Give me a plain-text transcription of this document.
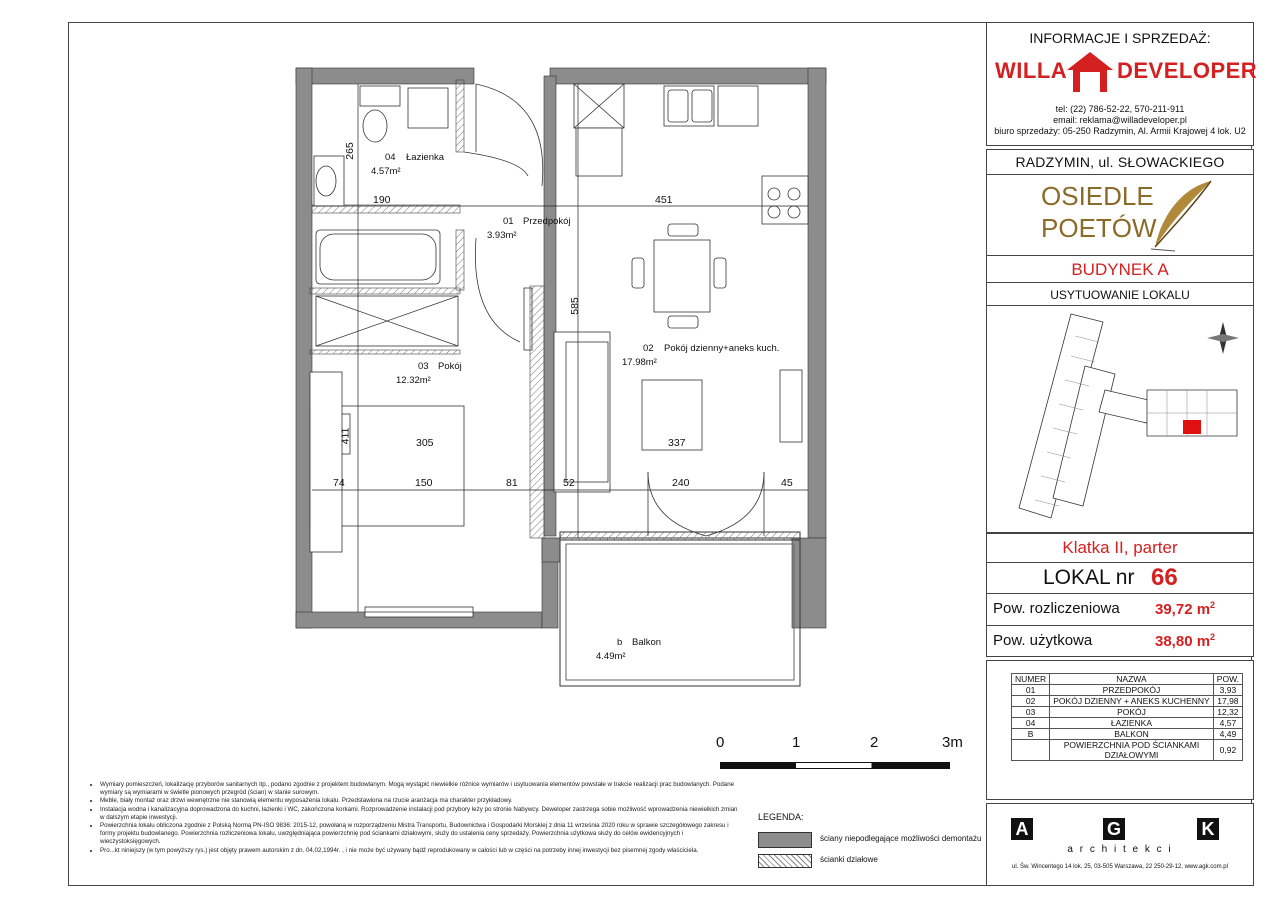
04 Łazienka
4.57m²
01 Przedpokój
3.93m²
02 Pokój dzienny+aneks kuch.
17.98m²
03 Pokój
12.32m²
b Balkon
4.49m²
265
190	451
585
411	305	337
74	150	81	52	240	45
0	1	2	3m
LEGENDA:
ściany niepodlegające możliwości demontażu
ścianki działowe
• Wymiary pomieszczeń, lokalizację przyborów sanitarnych itp., podano zgodnie z projektem budowlanym. Mogą wystąpić niewielkie różnice wymiarów i usytuowania elementów powstałe w trakcie realizacji prac budowlanych. Podane wymiary są wymiarami w świetle pionowych przegród (ścian) w stanie surowym.
• Meble, biały montaż oraz drzwi wewnętrzne nie stanowią elementu wyposażenia lokalu. Przedstawiona na rzucie aranżacja ma charakter przykładowy.
• Instalacja wodna i kanalizacyjna doprowadzona do kuchni, łazienki i WC, zakończona korkami. Rozprowadzenie instalacji pod przybory leży po stronie Nabywcy. Deweloper zastrzega sobie możliwość wprowadzenia niewielkich zmian w dalszym etapie inwestycji.
• Powierzchnia lokalu obliczona zgodnie z Polską Normą PN-ISO 9836: 2015-12, powołaną w rozporządzeniu Mistra Transportu, Budownictwa i Gospodarki Morskiej z dnia 11 września 2020 roku w sprawie szczegółowego zakresu i formy projektu budowlanego. Powierzchnia rozliczeniowa lokalu, uwzględniająca powierzchnię pod ściankami działowymi, służy do ustalenia ceny sprzedaży. Powierzchnia użytkowa służy do celów ewidencyjnych i wieczystoksięgowych.
• Pro...kt niniejszy (w tym powyższy rys.) jest objęty prawem autorskim z dn. 04,02,1994r. , i nie może być używany bądź reprodukowany w całości lub w części na potrzeby innej inwestycji bez pisemnej zgody właściciela.
INFORMACJE I SPRZEDAŻ:
WILLA DEVELOPER
tel: (22) 786-52-22, 570-211-911
email: reklama@willadeveloper.pl
biuro sprzedaży: 05-250 Radzymin, Al. Armii Krajowej 4 lok. U2
RADZYMIN, ul. SŁOWACKIEGO
OSIEDLE
POETÓW
BUDYNEK A
USYTUOWANIE LOKALU
Klatka II, parter
LOKAL nr 66
Pow. rozliczeniowa 39,72 $m^2$
Pow. użytkowa	38,80 $m^2$
NUMER	NAZWA	POW.
01	PRZEDPOKÓJ	3,93
02	POKÓJ DZIENNY + ANEKS KUCHENNY	17,98
03	POKÓJ	12,32
04	ŁAZIENKA	4,57
B	BALKON	4,49
	POWIERZCHNIA POD ŚCIANKAMI DZIAŁOWYMI	0,92
A	G	K
a r c h i t e k c i
ul. Św. Wincentego 14 lok. 25, 03-505 Warszawa, 22 250-29-12, www.agk.com.pl
